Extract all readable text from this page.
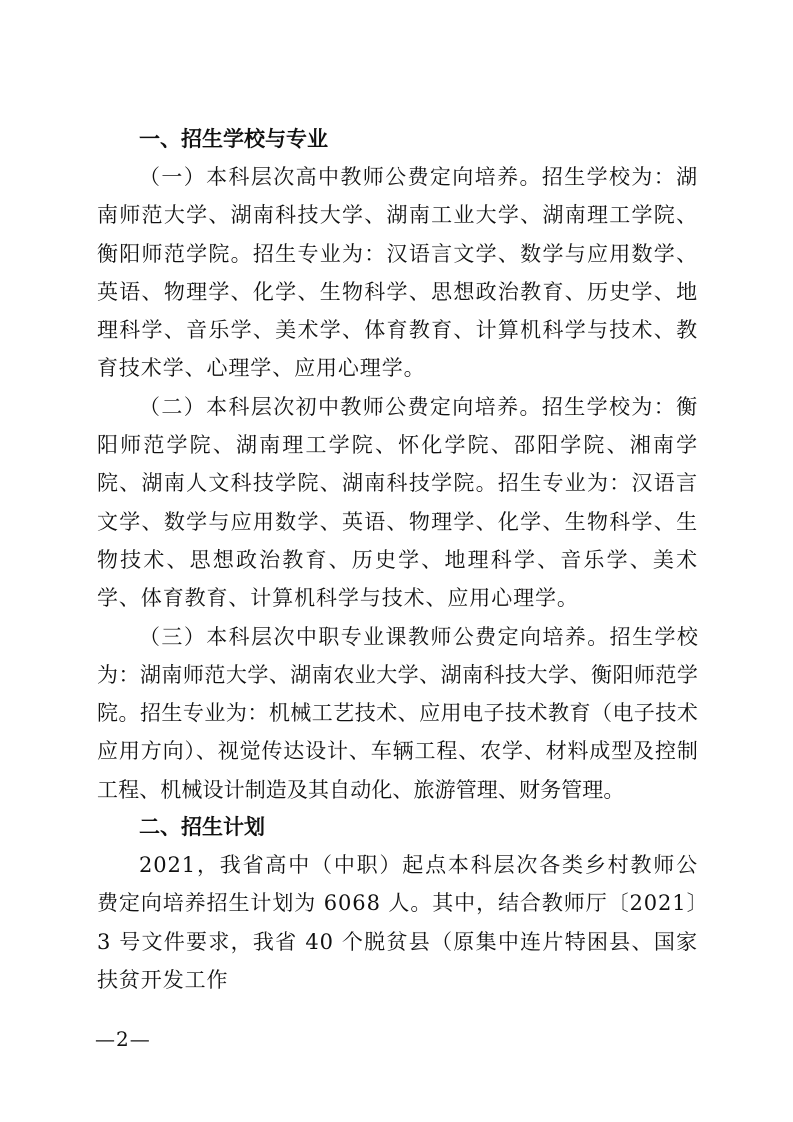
一、招生学校与专业

（一）本科层次高中教师公费定向培养。招生学校为：湖南师范大学、湖南科技大学、湖南工业大学、湖南理工学院、衡阳师范学院。招生专业为：汉语言文学、数学与应用数学、英语、物理学、化学、生物科学、思想政治教育、历史学、地理科学、音乐学、美术学、体育教育、计算机科学与技术、教育技术学、心理学、应用心理学。

（二）本科层次初中教师公费定向培养。招生学校为：衡阳师范学院、湖南理工学院、怀化学院、邵阳学院、湘南学院、湖南人文科技学院、湖南科技学院。招生专业为：汉语言文学、数学与应用数学、英语、物理学、化学、生物科学、生物技术、思想政治教育、历史学、地理科学、音乐学、美术学、体育教育、计算机科学与技术、应用心理学。

（三）本科层次中职专业课教师公费定向培养。招生学校为：湖南师范大学、湖南农业大学、湖南科技大学、衡阳师范学院。招生专业为：机械工艺技术、应用电子技术教育（电子技术应用方向）、视觉传达设计、车辆工程、农学、材料成型及控制工程、机械设计制造及其自动化、旅游管理、财务管理。

二、招生计划

2021，我省高中（中职）起点本科层次各类乡村教师公费定向培养招生计划为 6068 人。其中，结合教师厅〔2021〕3 号文件要求，我省 40 个脱贫县（原集中连片特困县、国家扶贫开发工作

—2—
